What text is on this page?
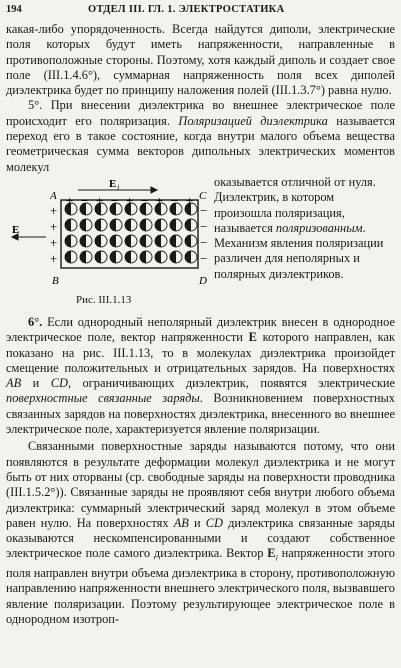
194	ОТДЕЛ III. ГЛ. 1. ЭЛЕКТРОСТАТИКА

какая-либо упорядоченность. Всегда найдутся диполи, электрические поля которых будут иметь напряженности, направленные в противоположные стороны. Поэтому, хотя каждый диполь и создает свое поле (III.1.4.6°), суммарная напряженность поля всех диполей диэлектрика будет по принципу наложения полей (III.1.3.7°) равна нулю.

5°. При внесении диэлектрика во внешнее электрическое поле происходит его поляризация. Поляризацией диэлектрика называется переход его в такое состояние, когда внутри малого объема вещества геометрическая сумма векторов дипольных электрических моментов молекул

A
B
C
D
E i
E
+
+
+
+
−
−
−
−
+ − + − + − + − +
Рис. III.1.13
оказывается отличной от нуля. Диэлектрик, в котором произошла поляризация, называется поляризованным. Механизм явления поляризации различен для неполярных и полярных диэлектриков.

6°. Если однородный неполярный диэлектрик внесен в однородное электрическое поле, вектор напряженности E которого направлен, как показано на рис. III.1.13, то в молекулах диэлектрика произойдет смещение положительных и отрицательных зарядов. На поверхностях AB и CD, ограничивающих диэлектрик, появятся электрические поверхностные связанные заряды. Возникновением поверхностных связанных зарядов на поверхностях диэлектрика, внесенного во внешнее электрическое поле, характеризуется явление поляризации.

Связанными поверхностные заряды называются потому, что они появляются в результате деформации молекул диэлектрика и не могут быть от них оторваны (ср. свободные заряды на поверхности проводника (III.1.5.2°)). Связанные заряды не проявляют себя внутри любого объема диэлектрика: суммарный электрический заряд молекул в этом объеме равен нулю. На поверхностях AB и CD диэлектрика связанные заряды оказываются нескомпенсированными и создают собственное электрическое поле самого диэлектрика. Вектор $E_i$ напряженности этого поля направлен внутри объема диэлектрика в сторону, противоположную направлению напряженности внешнего электрического поля, вызвавшего явление поляризации. Поэтому результирующее электрическое поле в однородном изотроп-
